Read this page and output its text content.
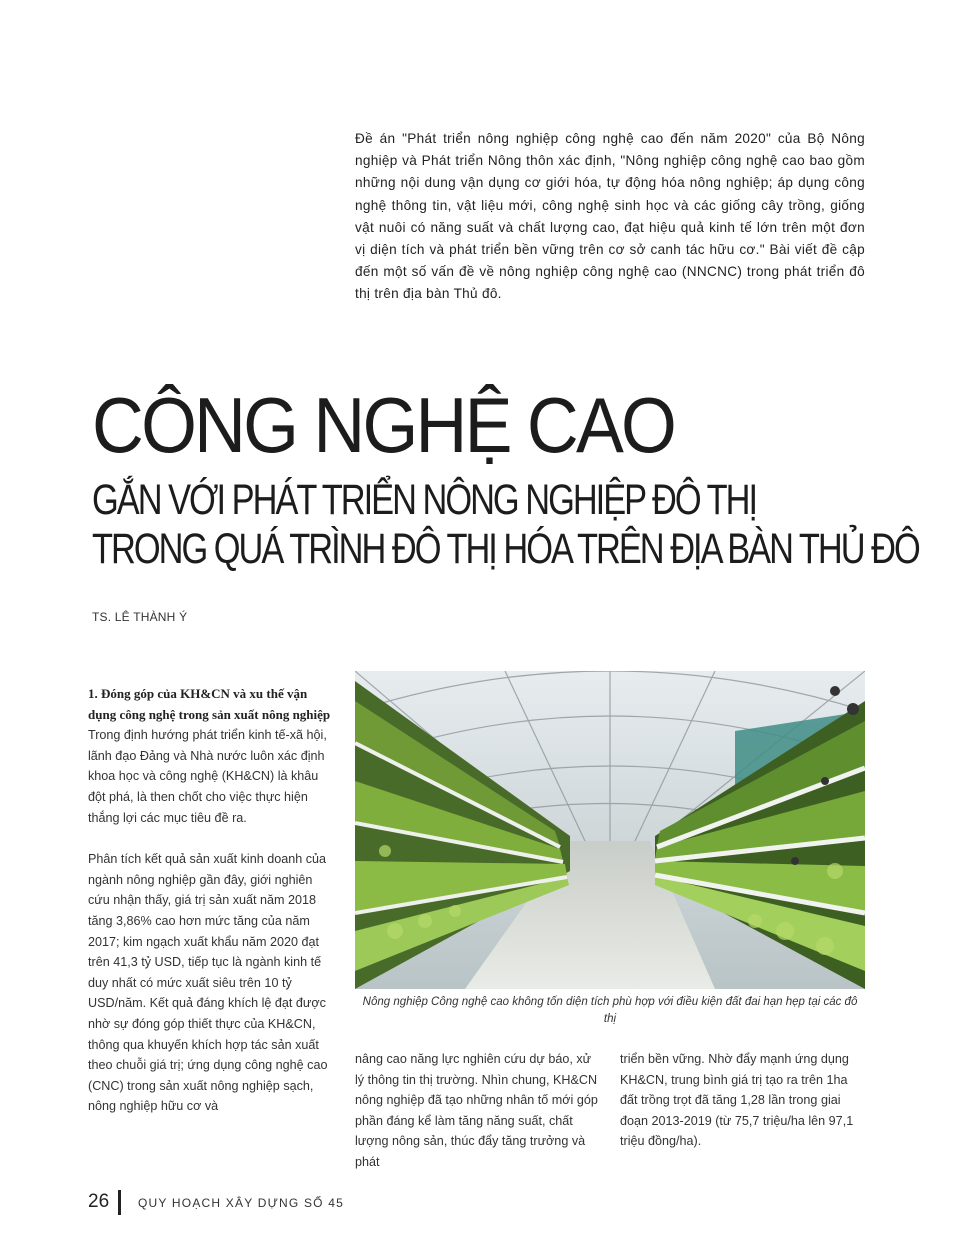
Đề án "Phát triển nông nghiệp công nghệ cao đến năm 2020" của Bộ Nông nghiệp và Phát triển Nông thôn xác định, "Nông nghiệp công nghệ cao bao gồm những nội dung vận dụng cơ giới hóa, tự động hóa nông nghiệp; áp dụng công nghệ thông tin, vật liệu mới, công nghệ sinh học và các giống cây trồng, giống vật nuôi có năng suất và chất lượng cao, đạt hiệu quả kinh tế lớn trên một đơn vị diện tích và phát triển bền vững trên cơ sở canh tác hữu cơ." Bài viết đề cập đến một số vấn đề về nông nghiệp công nghệ cao (NNCNC) trong phát triển đô thị trên địa bàn Thủ đô.
CÔNG NGHỆ CAO
GẮN VỚI PHÁT TRIỂN NÔNG NGHIỆP ĐÔ THỊ
TRONG QUÁ TRÌNH ĐÔ THỊ HÓA TRÊN ĐỊA BÀN THỦ ĐÔ
TS. LÊ THÀNH Ý

1. Đóng góp của KH&CN và xu thế vận dụng công nghệ trong sản xuất nông nghiệp

Trong định hướng phát triển kinh tế-xã hội, lãnh đạo Đảng và Nhà nước luôn xác định khoa học và công nghệ (KH&CN) là khâu đột phá, là then chốt cho việc thực hiện thắng lợi các mục tiêu đề ra.

Phân tích kết quả sản xuất kinh doanh của ngành nông nghiệp gần đây, giới nghiên cứu nhận thấy, giá trị sản xuất năm 2018 tăng 3,86% cao hơn mức tăng của năm 2017; kim ngạch xuất khẩu năm 2020 đạt trên 41,3 tỷ USD, tiếp tục là ngành kinh tế duy nhất có mức xuất siêu trên 10 tỷ USD/năm. Kết quả đáng khích lệ đạt được nhờ sự đóng góp thiết thực của KH&CN, thông qua khuyến khích hợp tác sản xuất theo chuỗi giá trị; ứng dụng công nghệ cao (CNC) trong sản xuất nông nghiệp sạch, nông nghiệp hữu cơ và

Nông nghiệp Công nghệ cao không tốn diện tích phù hợp với điều kiện đất đai hạn hẹp tại các đô thị

nâng cao năng lực nghiên cứu dự báo, xử lý thông tin thị trường. Nhìn chung, KH&CN nông nghiệp đã tạo những nhân tố mới góp phần đáng kể làm tăng năng suất, chất lượng nông sản, thúc đẩy tăng trưởng và phát

triển bền vững. Nhờ đẩy mạnh ứng dụng KH&CN, trung bình giá trị tạo ra trên 1ha đất trồng trọt đã tăng 1,28 lần trong giai đoạn 2013-2019 (từ 75,7 triệu/ha lên 97,1 triệu đồng/ha).

26 QUY HOẠCH XÂY DỰNG SỐ 45
